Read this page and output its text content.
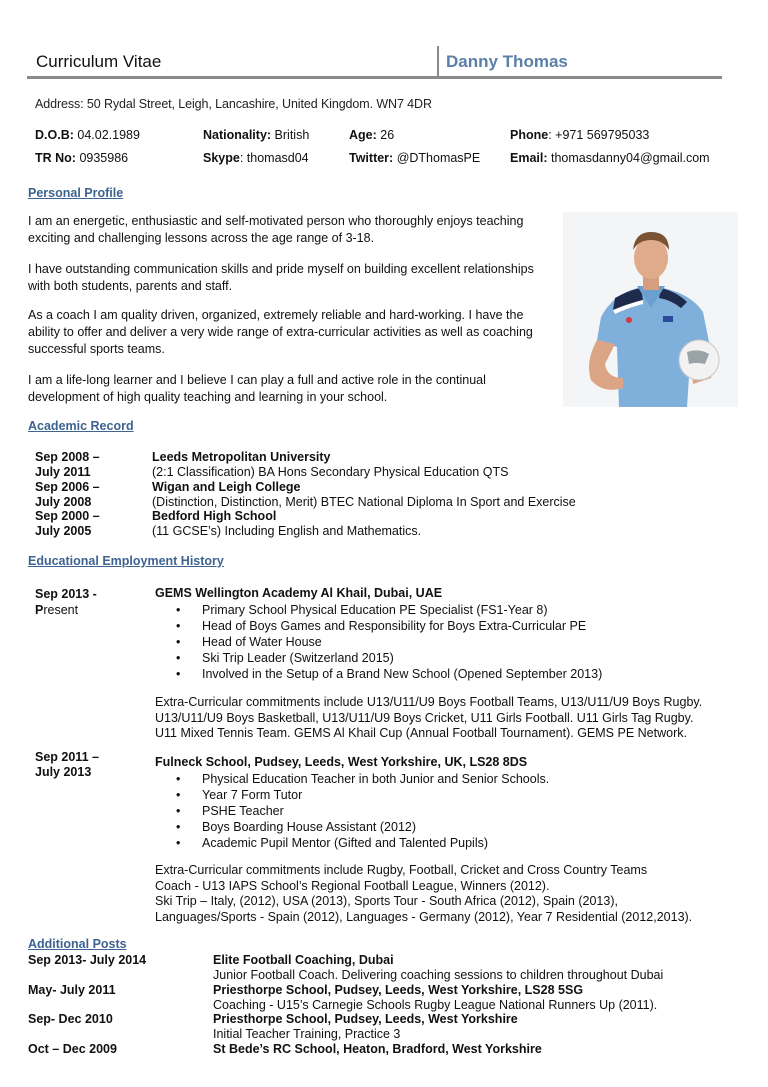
Curriculum Vitae	Danny Thomas
Address: 50 Rydal Street, Leigh, Lancashire, United Kingdom. WN7 4DR
D.O.B: 04.02.1989	Nationality: British	Age: 26	Phone: +971 569795033
TR No: 0935986	Skype: thomasd04	Twitter: @DThomasPE Email: thomasdanny04@gmail.com
Personal Profile
I am an energetic, enthusiastic and self-motivated person who thoroughly enjoys teaching exciting and challenging lessons across the age range of 3-18.
I have outstanding communication skills and pride myself on building excellent relationships with both students, parents and staff.
As a coach I am quality driven, organized, extremely reliable and hard-working. I have the ability to offer and deliver a very wide range of extra-curricular activities as well as coaching successful sports teams.
I am a life-long learner and I believe I can play a full and active role in the continual development of high quality teaching and learning in your school.
Academic Record
Sep 2008 –	Leeds Metropolitan University
July 2011	(2:1 Classification) BA Hons Secondary Physical Education QTS
Sep 2006 –	Wigan and Leigh College
July 2008	(Distinction, Distinction, Merit) BTEC National Diploma In Sport and Exercise
Sep 2000 –	Bedford High School
July 2005	(11 GCSE’s) Including English and Mathematics.
Educational Employment History
Sep 2013 -
Present
GEMS Wellington Academy Al Khail, Dubai, UAE
• Primary School Physical Education PE Specialist (FS1-Year 8)
• Head of Boys Games and Responsibility for Boys Extra-Curricular PE
• Head of Water House
• Ski Trip Leader (Switzerland 2015)
• Involved in the Setup of a Brand New School (Opened September 2013)
Extra-Curricular commitments include U13/U11/U9 Boys Football Teams, U13/U11/U9 Boys Rugby.
U13/U11/U9 Boys Basketball, U13/U11/U9 Boys Cricket, U11 Girls Football. U11 Girls Tag Rugby.
U11 Mixed Tennis Team. GEMS Al Khail Cup (Annual Football Tournament). GEMS PE Network.
Sep 2011 –
July 2013
Fulneck School, Pudsey, Leeds, West Yorkshire, UK, LS28 8DS
• Physical Education Teacher in both Junior and Senior Schools.
• Year 7 Form Tutor
• PSHE Teacher
• Boys Boarding House Assistant (2012)
• Academic Pupil Mentor (Gifted and Talented Pupils)
Extra-Curricular commitments include Rugby, Football, Cricket and Cross Country Teams
Coach - U13 IAPS School’s Regional Football League, Winners (2012).
Ski Trip – Italy, (2012), USA (2013), Sports Tour - South Africa (2012), Spain (2013),
Languages/Sports - Spain (2012), Languages - Germany (2012), Year 7 Residential (2012,2013).
Additional Posts
Sep 2013- July 2014	Elite Football Coaching, Dubai
Junior Football Coach. Delivering coaching sessions to children throughout Dubai
May- July 2011	Priesthorpe School, Pudsey, Leeds, West Yorkshire, LS28 5SG
Coaching - U15’s Carnegie Schools Rugby League National Runners Up (2011).
Sep- Dec 2010	Priesthorpe School, Pudsey, Leeds, West Yorkshire
Initial Teacher Training, Practice 3
Oct – Dec 2009	St Bede’s RC School, Heaton, Bradford, West Yorkshire
